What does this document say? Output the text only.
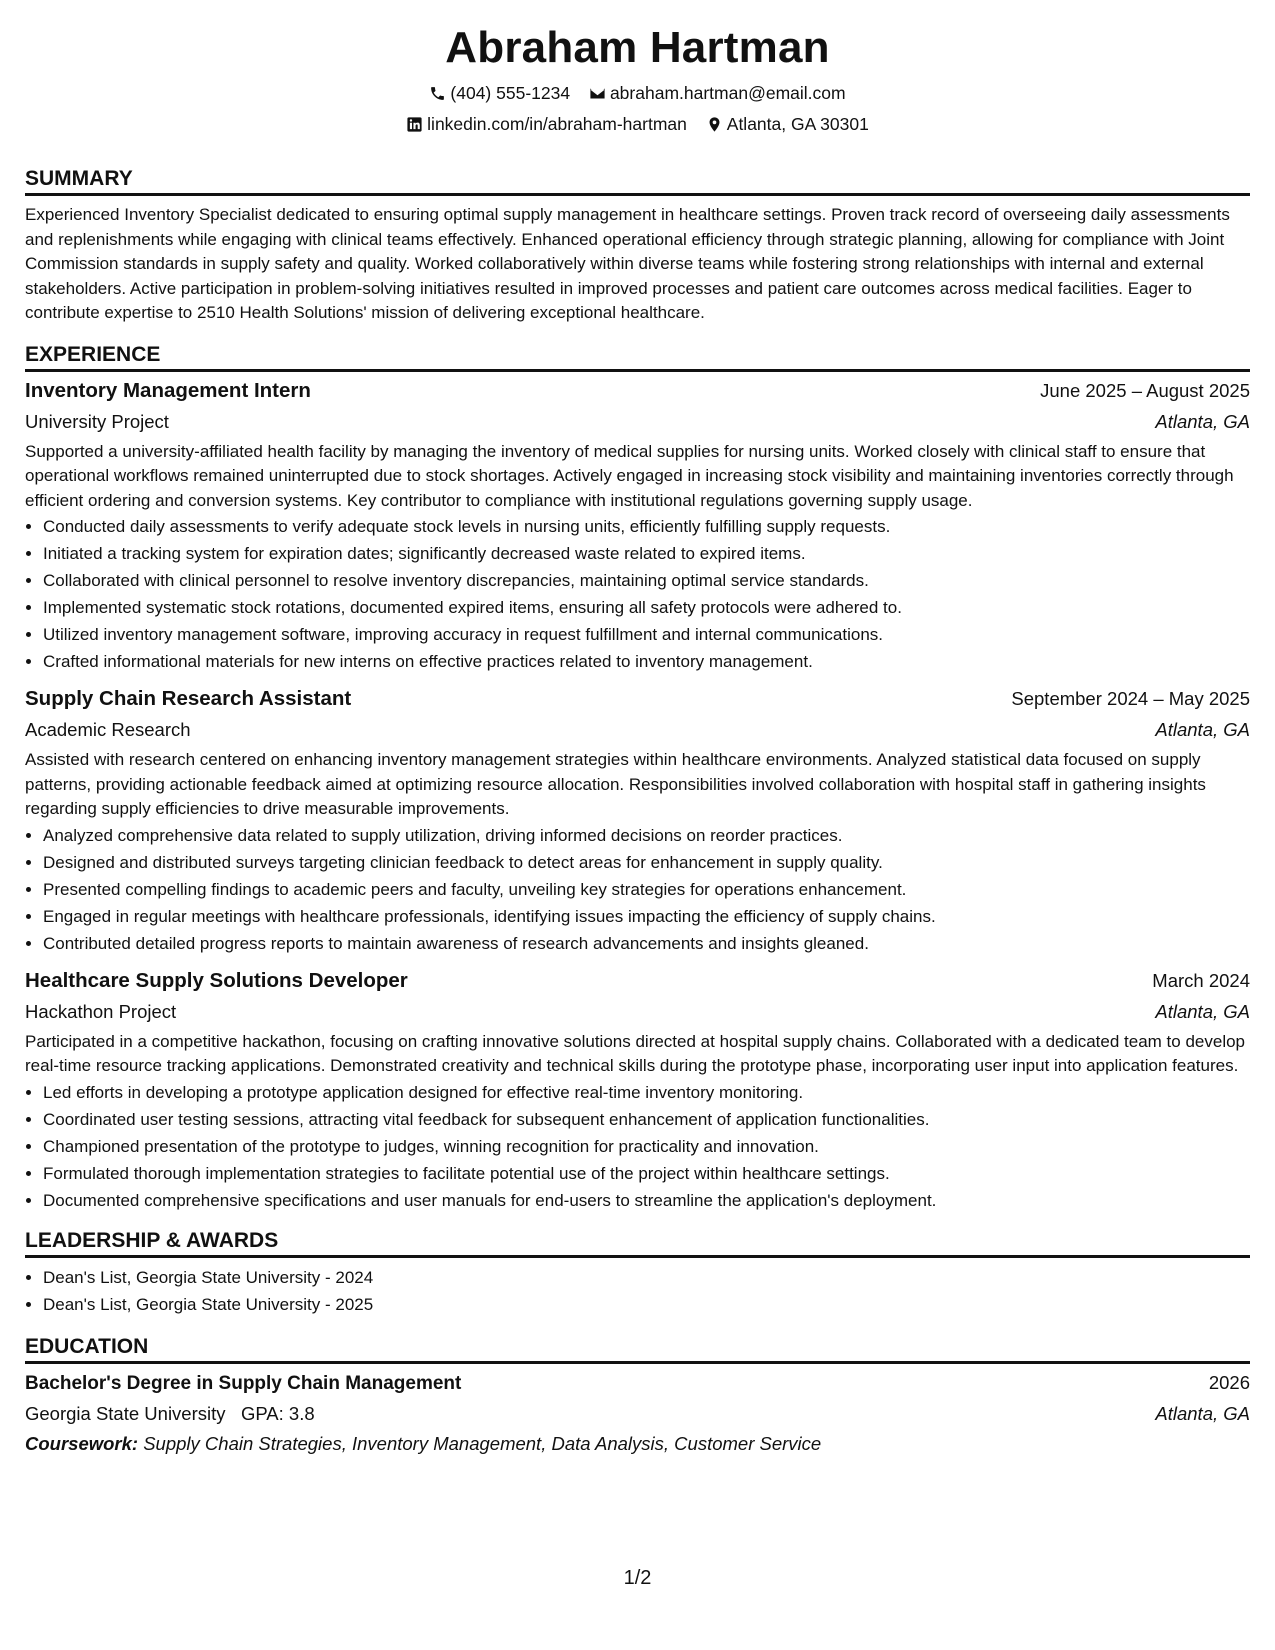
Abraham Hartman
(404) 555-1234
abraham.hartman@email.com
linkedin.com/in/abraham-hartman
Atlanta, GA 30301
SUMMARY

Experienced Inventory Specialist dedicated to ensuring optimal supply management in healthcare settings. Proven track record of overseeing daily assessments and replenishments while engaging with clinical teams effectively. Enhanced operational efficiency through strategic planning, allowing for compliance with Joint Commission standards in supply safety and quality. Worked collaboratively within diverse teams while fostering strong relationships with internal and external stakeholders. Active participation in problem-solving initiatives resulted in improved processes and patient care outcomes across medical facilities. Eager to contribute expertise to 2510 Health Solutions' mission of delivering exceptional healthcare.

EXPERIENCE
Inventory Management Intern	June 2025 – August 2025
University Project	Atlanta, GA

Supported a university-affiliated health facility by managing the inventory of medical supplies for nursing units. Worked closely with clinical staff to ensure that operational workflows remained uninterrupted due to stock shortages. Actively engaged in increasing stock visibility and maintaining inventories correctly through efficient ordering and conversion systems. Key contributor to compliance with institutional regulations governing supply usage.

• Conducted daily assessments to verify adequate stock levels in nursing units, efficiently fulfilling supply requests.
• Initiated a tracking system for expiration dates; significantly decreased waste related to expired items.
• Collaborated with clinical personnel to resolve inventory discrepancies, maintaining optimal service standards.
• Implemented systematic stock rotations, documented expired items, ensuring all safety protocols were adhered to.
• Utilized inventory management software, improving accuracy in request fulfillment and internal communications.
• Crafted informational materials for new interns on effective practices related to inventory management.
Supply Chain Research Assistant	September 2024 – May 2025
Academic Research	Atlanta, GA

Assisted with research centered on enhancing inventory management strategies within healthcare environments. Analyzed statistical data focused on supply patterns, providing actionable feedback aimed at optimizing resource allocation. Responsibilities involved collaboration with hospital staff in gathering insights regarding supply efficiencies to drive measurable improvements.

• Analyzed comprehensive data related to supply utilization, driving informed decisions on reorder practices.
• Designed and distributed surveys targeting clinician feedback to detect areas for enhancement in supply quality.
• Presented compelling findings to academic peers and faculty, unveiling key strategies for operations enhancement.
• Engaged in regular meetings with healthcare professionals, identifying issues impacting the efficiency of supply chains.
• Contributed detailed progress reports to maintain awareness of research advancements and insights gleaned.
Healthcare Supply Solutions Developer	March 2024
Hackathon Project	Atlanta, GA

Participated in a competitive hackathon, focusing on crafting innovative solutions directed at hospital supply chains. Collaborated with a dedicated team to develop real-time resource tracking applications. Demonstrated creativity and technical skills during the prototype phase, incorporating user input into application features.

• Led efforts in developing a prototype application designed for effective real-time inventory monitoring.
• Coordinated user testing sessions, attracting vital feedback for subsequent enhancement of application functionalities.
• Championed presentation of the prototype to judges, winning recognition for practicality and innovation.
• Formulated thorough implementation strategies to facilitate potential use of the project within healthcare settings.
• Documented comprehensive specifications and user manuals for end-users to streamline the application's deployment.
LEADERSHIP & AWARDS
• Dean's List, Georgia State University - 2024
• Dean's List, Georgia State University - 2025
EDUCATION
Bachelor's Degree in Supply Chain Management	2026
Georgia State University GPA: 3.8	Atlanta, GA
Coursework: Supply Chain Strategies, Inventory Management, Data Analysis, Customer Service
1/2
